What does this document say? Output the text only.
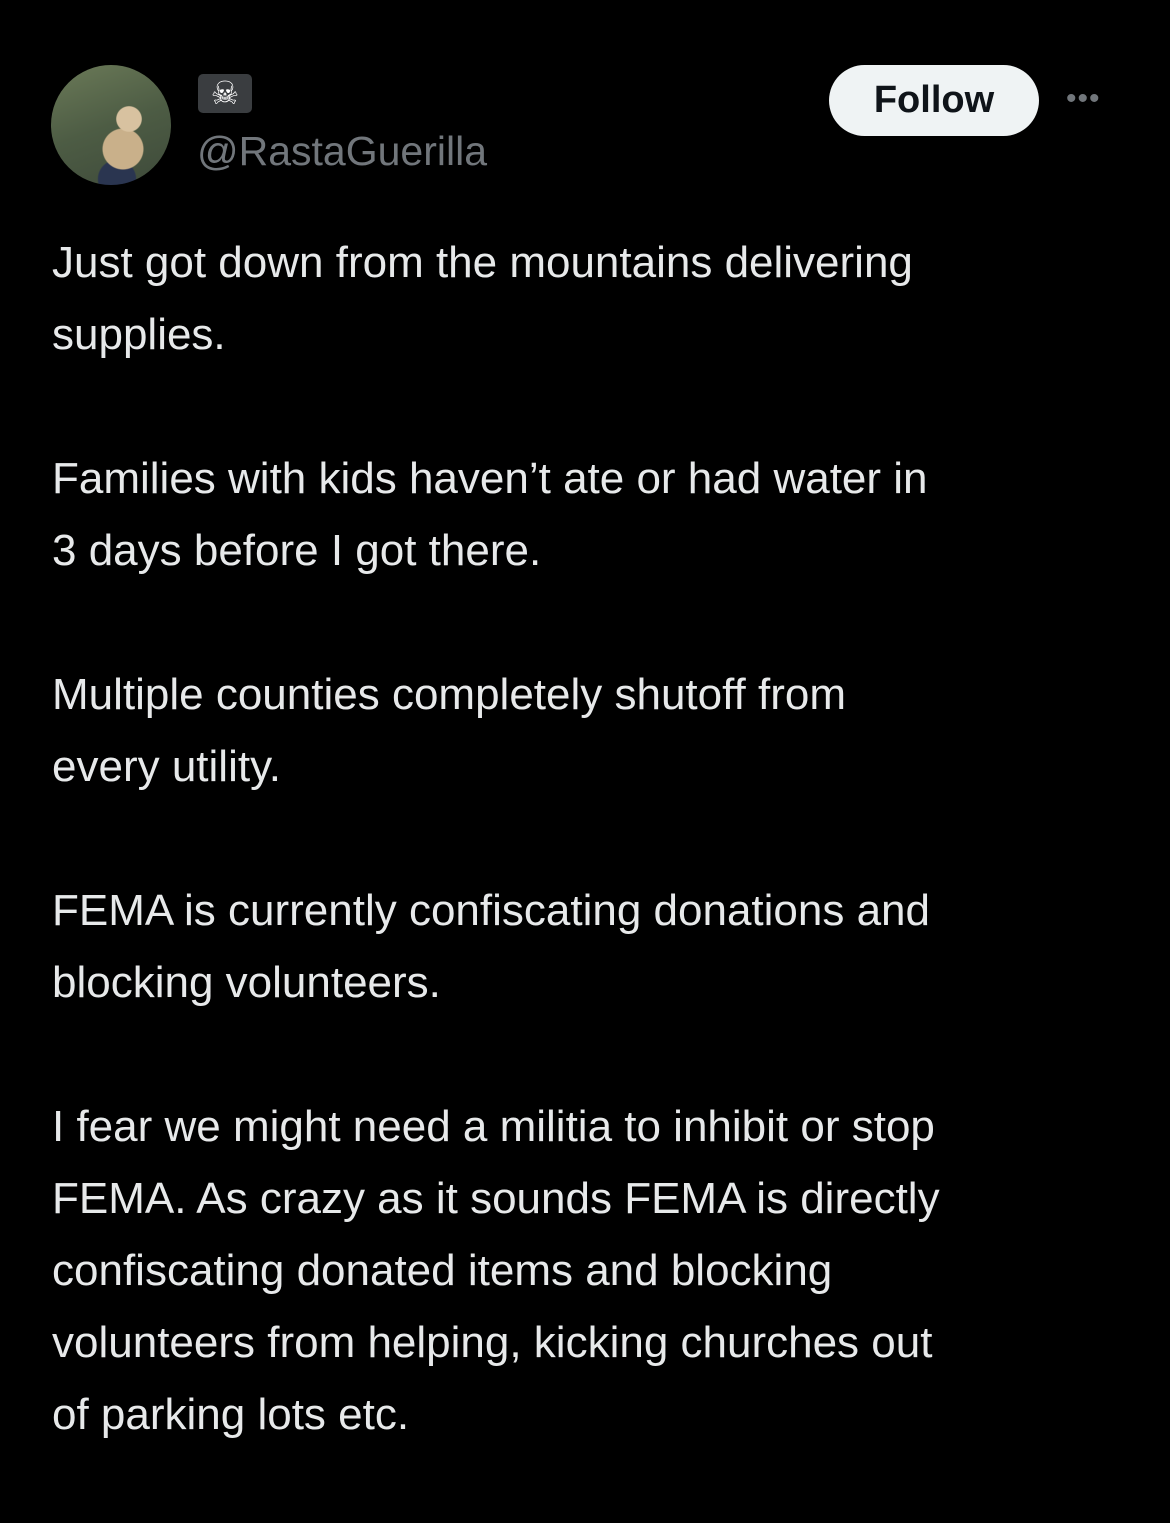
☠
@RastaGuerilla
Follow	•••
Just got down from the mountains delivering
supplies.
Families with kids haven’t ate or had water in
3 days before I got there.
Multiple counties completely shutoff from
every utility.
FEMA is currently confiscating donations and
blocking volunteers.
I fear we might need a militia to inhibit or stop
FEMA. As crazy as it sounds FEMA is directly
confiscating donated items and blocking
volunteers from helping, kicking churches out
of parking lots etc.
